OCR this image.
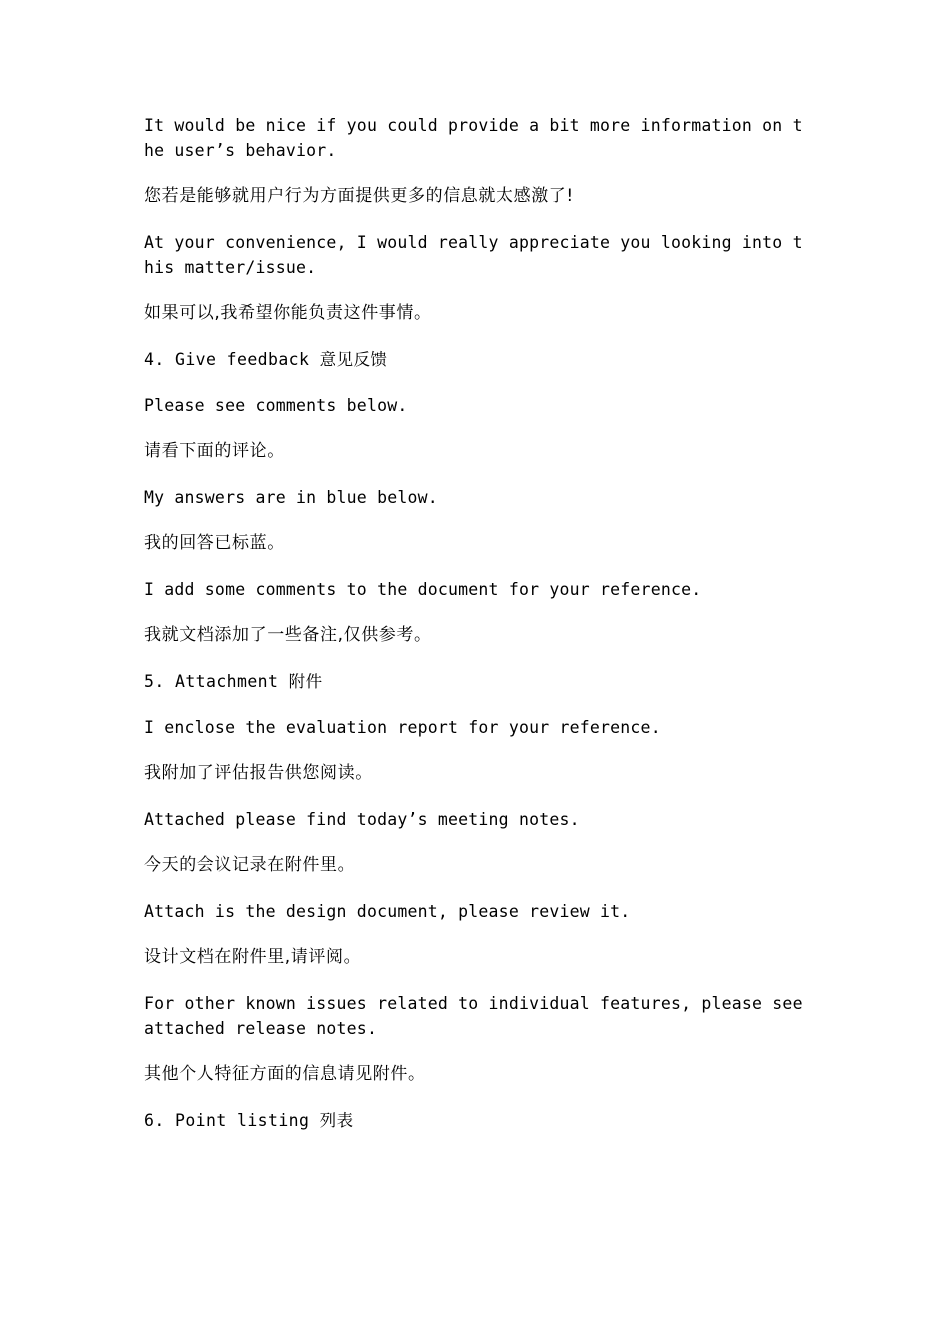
It would be nice if you could provide a bit more information on the user’s behavior.

您若是能够就用户行为方面提供更多的信息就太感激了!

At your convenience, I would really appreciate you looking into this matter/issue.

如果可以,我希望你能负责这件事情。

4. Give feedback 意见反馈

Please see comments below.

请看下面的评论。

My answers are in blue below.

我的回答已标蓝。

I add some comments to the document for your reference.

我就文档添加了一些备注,仅供参考。

5. Attachment 附件

I enclose the evaluation report for your reference.

我附加了评估报告供您阅读。

Attached please find today’s meeting notes.

今天的会议记录在附件里。

Attach is the design document, please review it.

设计文档在附件里,请评阅。

For other known issues related to individual features, please see attached release notes.

其他个人特征方面的信息请见附件。

6. Point listing 列表
